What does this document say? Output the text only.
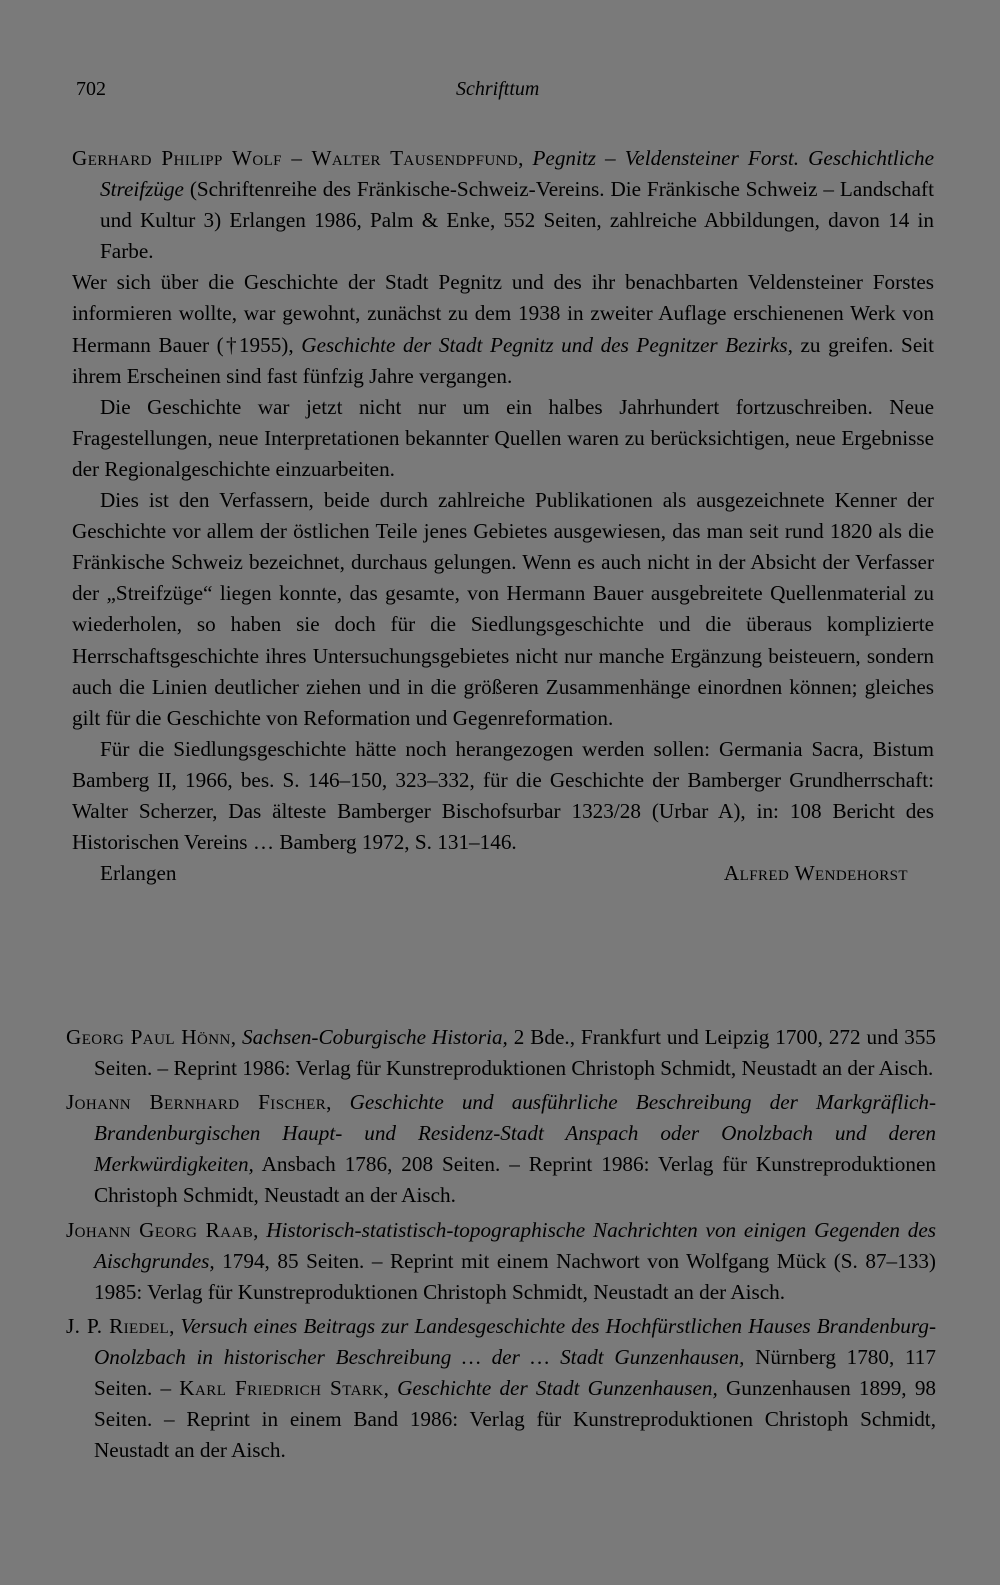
702	Schrifttum

Gerhard Philipp Wolf – Walter Tausendpfund, Pegnitz – Veldensteiner Forst. Geschichtliche Streifzüge (Schriftenreihe des Fränkische-Schweiz-Vereins. Die Fränkische Schweiz – Landschaft und Kultur 3) Erlangen 1986, Palm & Enke, 552 Seiten, zahlreiche Abbildungen, davon 14 in Farbe.

Wer sich über die Geschichte der Stadt Pegnitz und des ihr benachbarten Veldensteiner Forstes informieren wollte, war gewohnt, zunächst zu dem 1938 in zweiter Auflage erschienenen Werk von Hermann Bauer (†1955), Geschichte der Stadt Pegnitz und des Pegnitzer Bezirks, zu greifen. Seit ihrem Erscheinen sind fast fünfzig Jahre vergangen.

Die Geschichte war jetzt nicht nur um ein halbes Jahrhundert fortzuschreiben. Neue Fragestellungen, neue Interpretationen bekannter Quellen waren zu berücksichtigen, neue Ergebnisse der Regionalgeschichte einzuarbeiten.

Dies ist den Verfassern, beide durch zahlreiche Publikationen als ausgezeichnete Kenner der Geschichte vor allem der östlichen Teile jenes Gebietes ausgewiesen, das man seit rund 1820 als die Fränkische Schweiz bezeichnet, durchaus gelungen. Wenn es auch nicht in der Absicht der Verfasser der „Streifzüge“ liegen konnte, das gesamte, von Hermann Bauer ausgebreitete Quellenmaterial zu wiederholen, so haben sie doch für die Siedlungsgeschichte und die überaus komplizierte Herrschaftsgeschichte ihres Untersuchungsgebietes nicht nur manche Ergänzung beisteuern, sondern auch die Linien deutlicher ziehen und in die größeren Zusammenhänge einordnen können; gleiches gilt für die Geschichte von Reformation und Gegenreformation.

Für die Siedlungsgeschichte hätte noch herangezogen werden sollen: Germania Sacra, Bistum Bamberg II, 1966, bes. S. 146–150, 323–332, für die Geschichte der Bamberger Grundherrschaft: Walter Scherzer, Das älteste Bamberger Bischofsurbar 1323/28 (Urbar A), in: 108 Bericht des Historischen Vereins … Bamberg 1972, S. 131–146.

Erlangen	Alfred Wendehorst

Georg Paul Hönn, Sachsen-Coburgische Historia, 2 Bde., Frankfurt und Leipzig 1700, 272 und 355 Seiten. – Reprint 1986: Verlag für Kunstreproduktionen Christoph Schmidt, Neustadt an der Aisch.

Johann Bernhard Fischer, Geschichte und ausführliche Beschreibung der Markgräflich-Brandenburgischen Haupt- und Residenz-Stadt Anspach oder Onolzbach und deren Merkwürdigkeiten, Ansbach 1786, 208 Seiten. – Reprint 1986: Verlag für Kunstreproduktionen Christoph Schmidt, Neustadt an der Aisch.

Johann Georg Raab, Historisch-statistisch-topographische Nachrichten von einigen Gegenden des Aischgrundes, 1794, 85 Seiten. – Reprint mit einem Nachwort von Wolfgang Mück (S. 87–133) 1985: Verlag für Kunstreproduktionen Christoph Schmidt, Neustadt an der Aisch.

J. P. Riedel, Versuch eines Beitrags zur Landesgeschichte des Hochfürstlichen Hauses Brandenburg-Onolzbach in historischer Beschreibung … der … Stadt Gunzenhausen, Nürnberg 1780, 117 Seiten. – Karl Friedrich Stark, Geschichte der Stadt Gunzenhausen, Gunzenhausen 1899, 98 Seiten. – Reprint in einem Band 1986: Verlag für Kunstreproduktionen Christoph Schmidt, Neustadt an der Aisch.
